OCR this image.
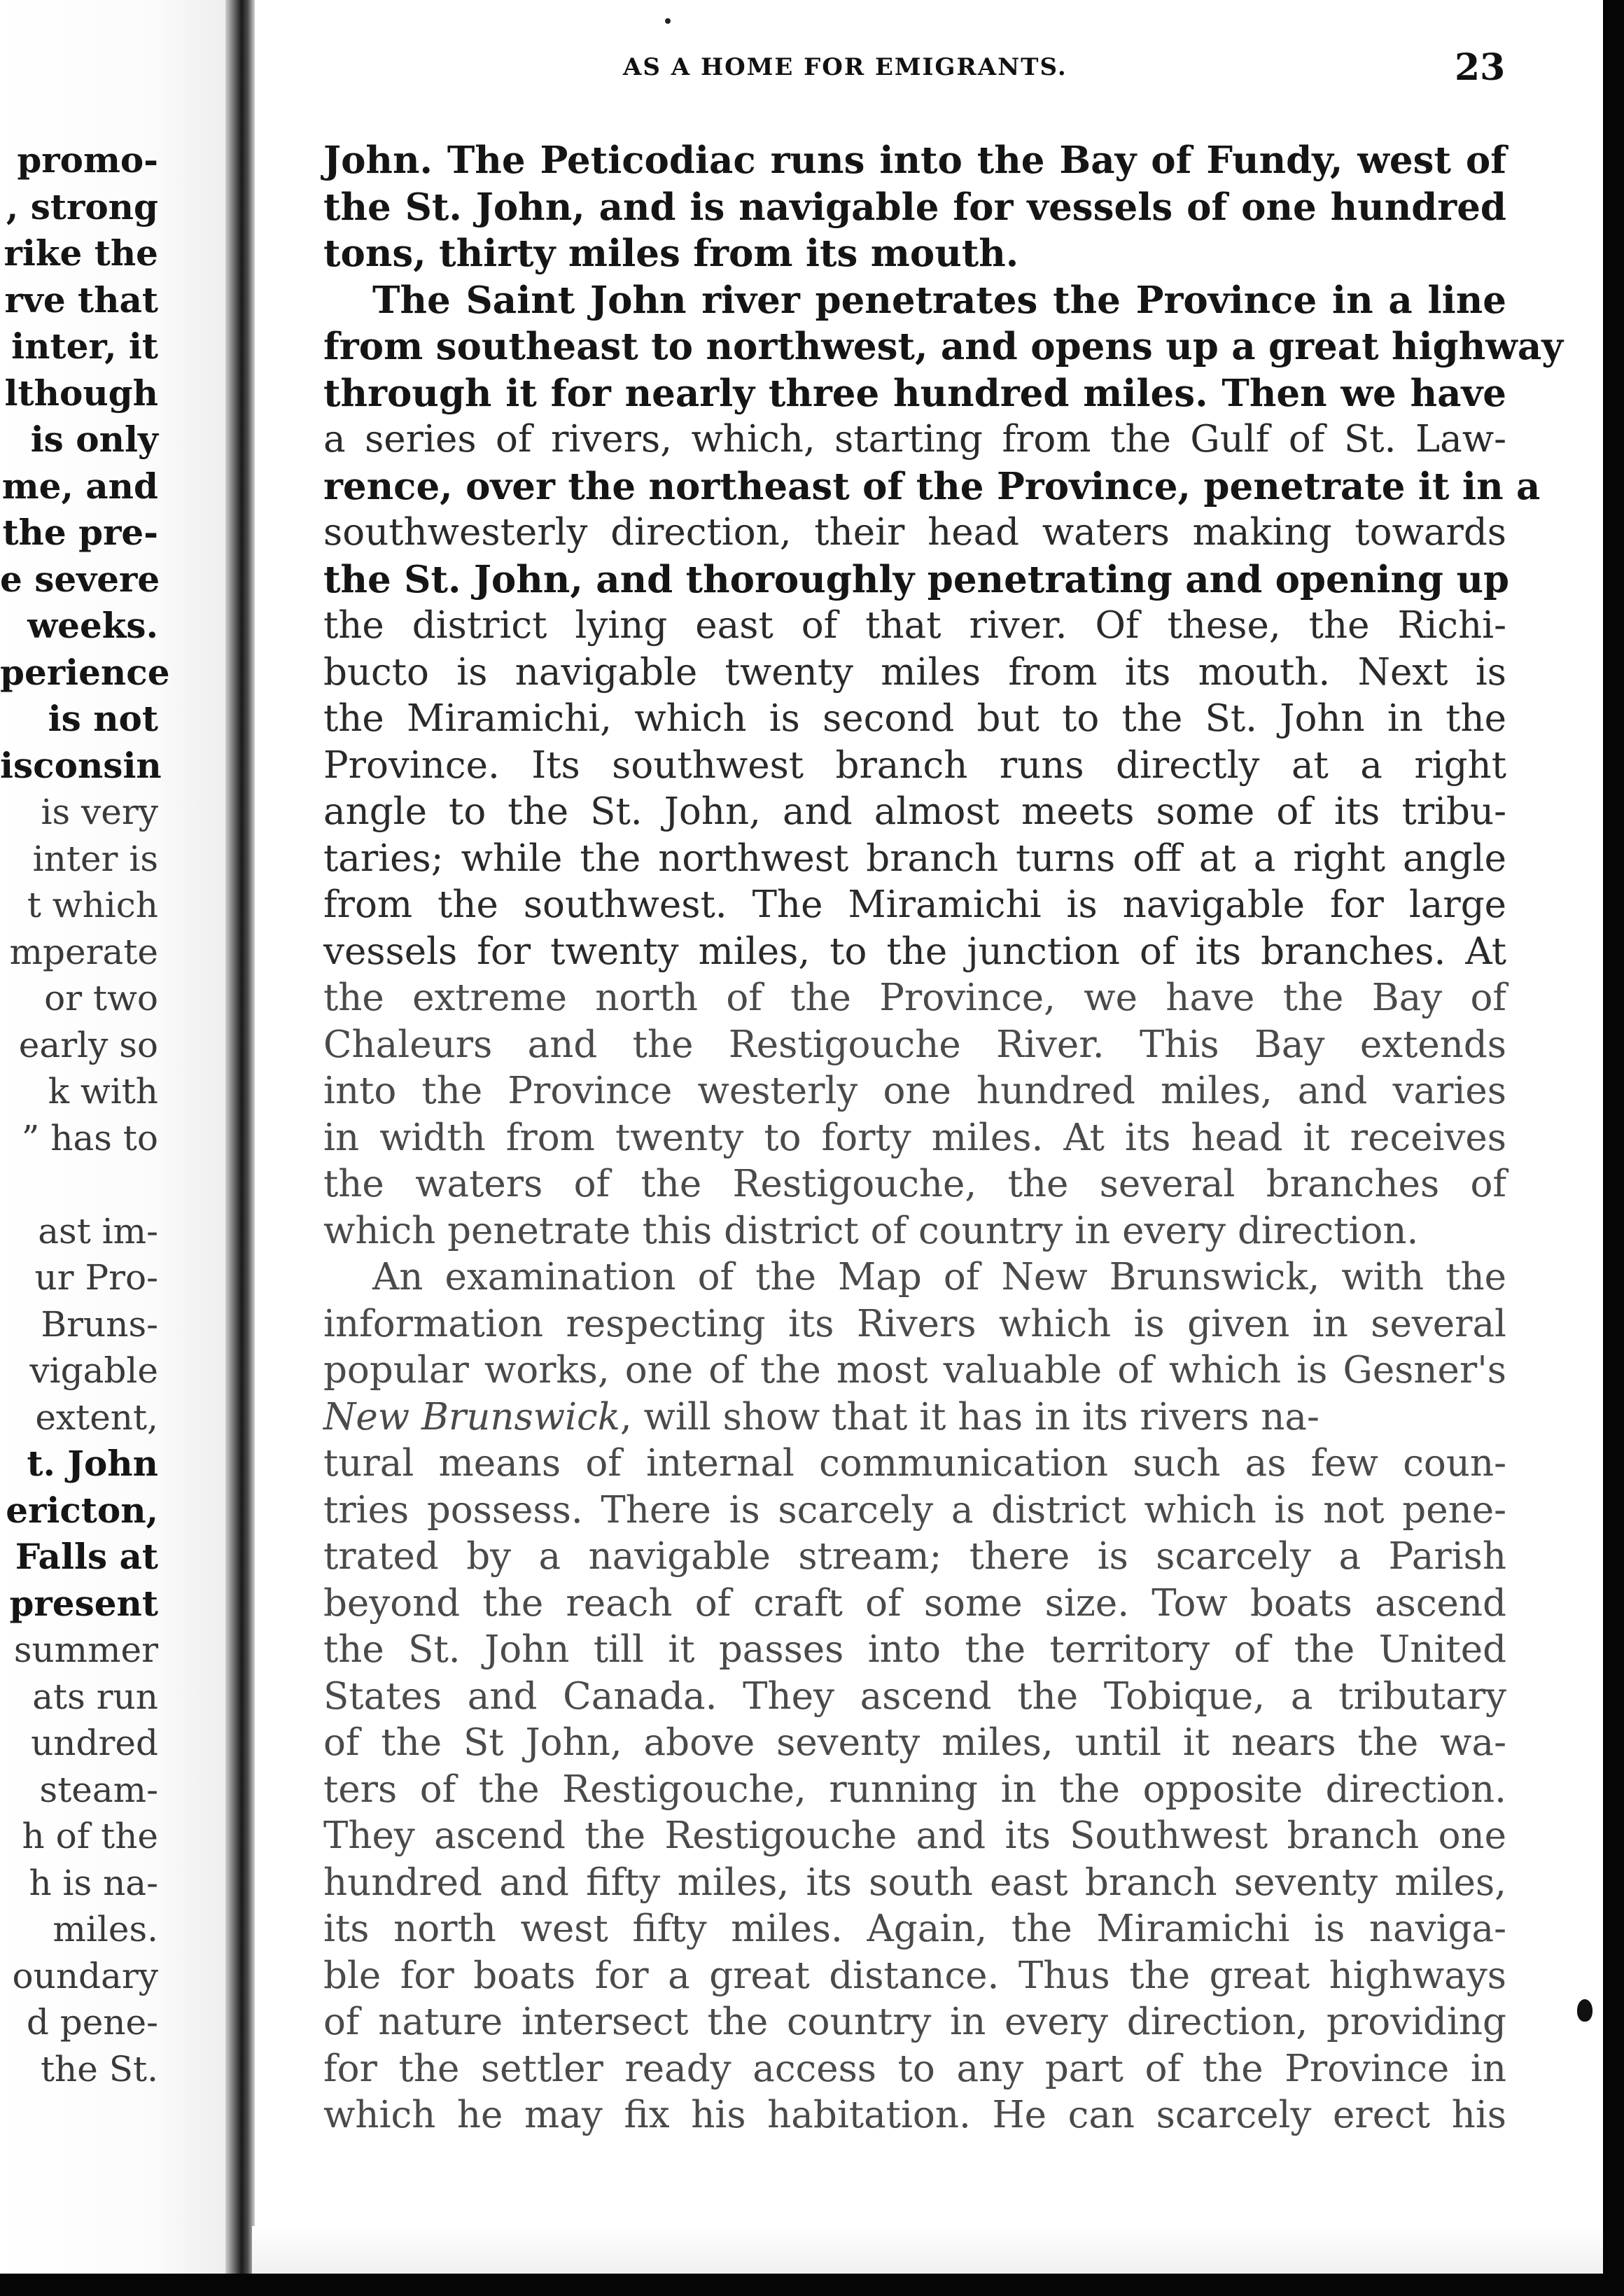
promo-
, strong
rike the
rve that
inter, it
lthough
is only
me, and
the pre-
e severe
weeks.
perience
is not
isconsin
is very
inter is
t which
mperate
or two
early so
k with
” has to
ast im-
ur Pro-
Bruns-
vigable
extent,
t. John
ericton,
Falls at
present
summer
ats run
undred
steam-
h of the
h is na-
miles.
oundary
d pene-
the St.
AS A HOME FOR EMIGRANTS.	23
John. The Peticodiac runs into the Bay of Fundy, west of
the St. John, and is navigable for vessels of one hundred
tons, thirty miles from its mouth.
The Saint John river penetrates the Province in a line
from southeast to northwest, and opens up a great highway
through it for nearly three hundred miles. Then we have
a series of rivers, which, starting from the Gulf of St. Law-
rence, over the northeast of the Province, penetrate it in a
southwesterly direction, their head waters making towards
the St. John, and thoroughly penetrating and opening up
the district lying east of that river. Of these, the Richi-
bucto is navigable twenty miles from its mouth. Next is
the Miramichi, which is second but to the St. John in the
Province. Its southwest branch runs directly at a right
angle to the St. John, and almost meets some of its tribu-
taries; while the northwest branch turns off at a right angle
from the southwest. The Miramichi is navigable for large
vessels for twenty miles, to the junction of its branches. At
the extreme north of the Province, we have the Bay of
Chaleurs and the Restigouche River. This Bay extends
into the Province westerly one hundred miles, and varies
in width from twenty to forty miles. At its head it receives
the waters of the Restigouche, the several branches of
which penetrate this district of country in every direction.
An examination of the Map of New Brunswick, with the
information respecting its Rivers which is given in several
popular works, one of the most valuable of which is Gesner's
New Brunswick, will show that it has in its rivers na-
tural means of internal communication such as few coun-
tries possess. There is scarcely a district which is not pene-
trated by a navigable stream; there is scarcely a Parish
beyond the reach of craft of some size. Tow boats ascend
the St. John till it passes into the territory of the United
States and Canada. They ascend the Tobique, a tributary
of the St John, above seventy miles, until it nears the wa-
ters of the Restigouche, running in the opposite direction.
They ascend the Restigouche and its Southwest branch one
hundred and fifty miles, its south east branch seventy miles,
its north west fifty miles. Again, the Miramichi is naviga-
ble for boats for a great distance. Thus the great highways
of nature intersect the country in every direction, providing
for the settler ready access to any part of the Province in
which he may fix his habitation. He can scarcely erect his
